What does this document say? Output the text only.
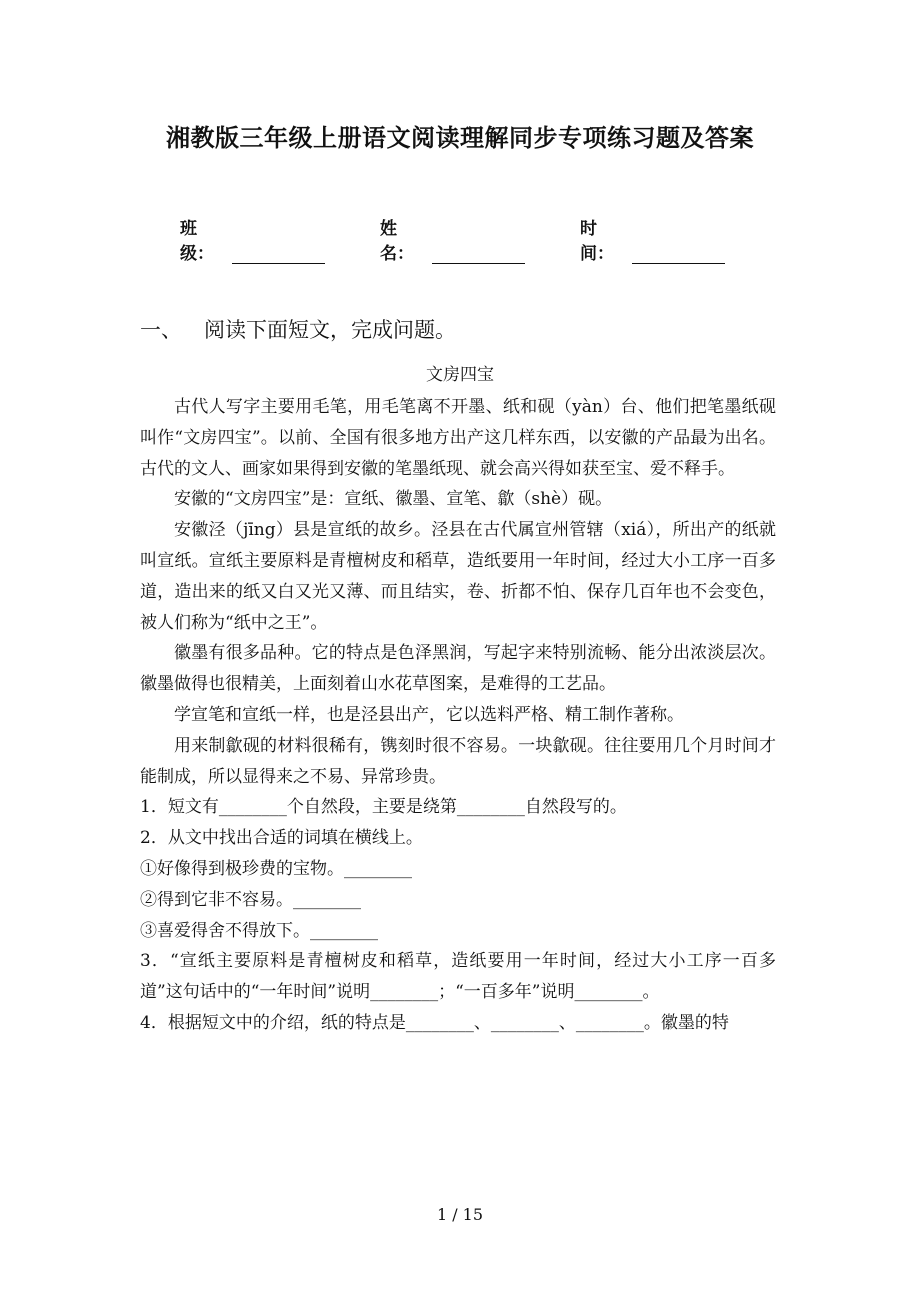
湘教版三年级上册语文阅读理解同步专项练习题及答案
班级：
姓名：
时间：
一、 阅读下面短文，完成问题。
文房四宝

古代人写字主要用毛笔，用毛笔离不开墨、纸和砚（yàn）台、他们把笔墨纸砚叫作“文房四宝”。以前、全国有很多地方出产这几样东西，以安徽的产品最为出名。古代的文人、画家如果得到安徽的笔墨纸现、就会高兴得如获至宝、爱不释手。

安徽的“文房四宝”是：宣纸、徽墨、宣笔、歙（shè）砚。

安徽泾（jīng）县是宣纸的故乡。泾县在古代属宣州管辖（xiá），所出产的纸就叫宣纸。宣纸主要原料是青檀树皮和稻草，造纸要用一年时间，经过大小工序一百多道，造出来的纸又白又光又薄、而且结实，卷、折都不怕、保存几百年也不会变色，被人们称为“纸中之王”。

徽墨有很多品种。它的特点是色泽黑润，写起字来特别流畅、能分出浓淡层次。徽墨做得也很精美，上面刻着山水花草图案，是难得的工艺品。

学宣笔和宣纸一样，也是泾县出产，它以选料严格、精工制作著称。

用来制歙砚的材料很稀有，镌刻时很不容易。一块歙砚。往往要用几个月时间才能制成，所以显得来之不易、异常珍贵。

1．短文有________个自然段，主要是绕第________自然段写的。

2．从文中找出合适的词填在横线上。

①好像得到极珍费的宝物。________

②得到它非不容易。________

③喜爱得舍不得放下。________

3．“宣纸主要原料是青檀树皮和稻草，造纸要用一年时间，经过大小工序一百多道”这句话中的“一年时间”说明________；“一百多年”说明________。

4．根据短文中的介绍，纸的特点是________、________、________。徽墨的特

1 / 15
